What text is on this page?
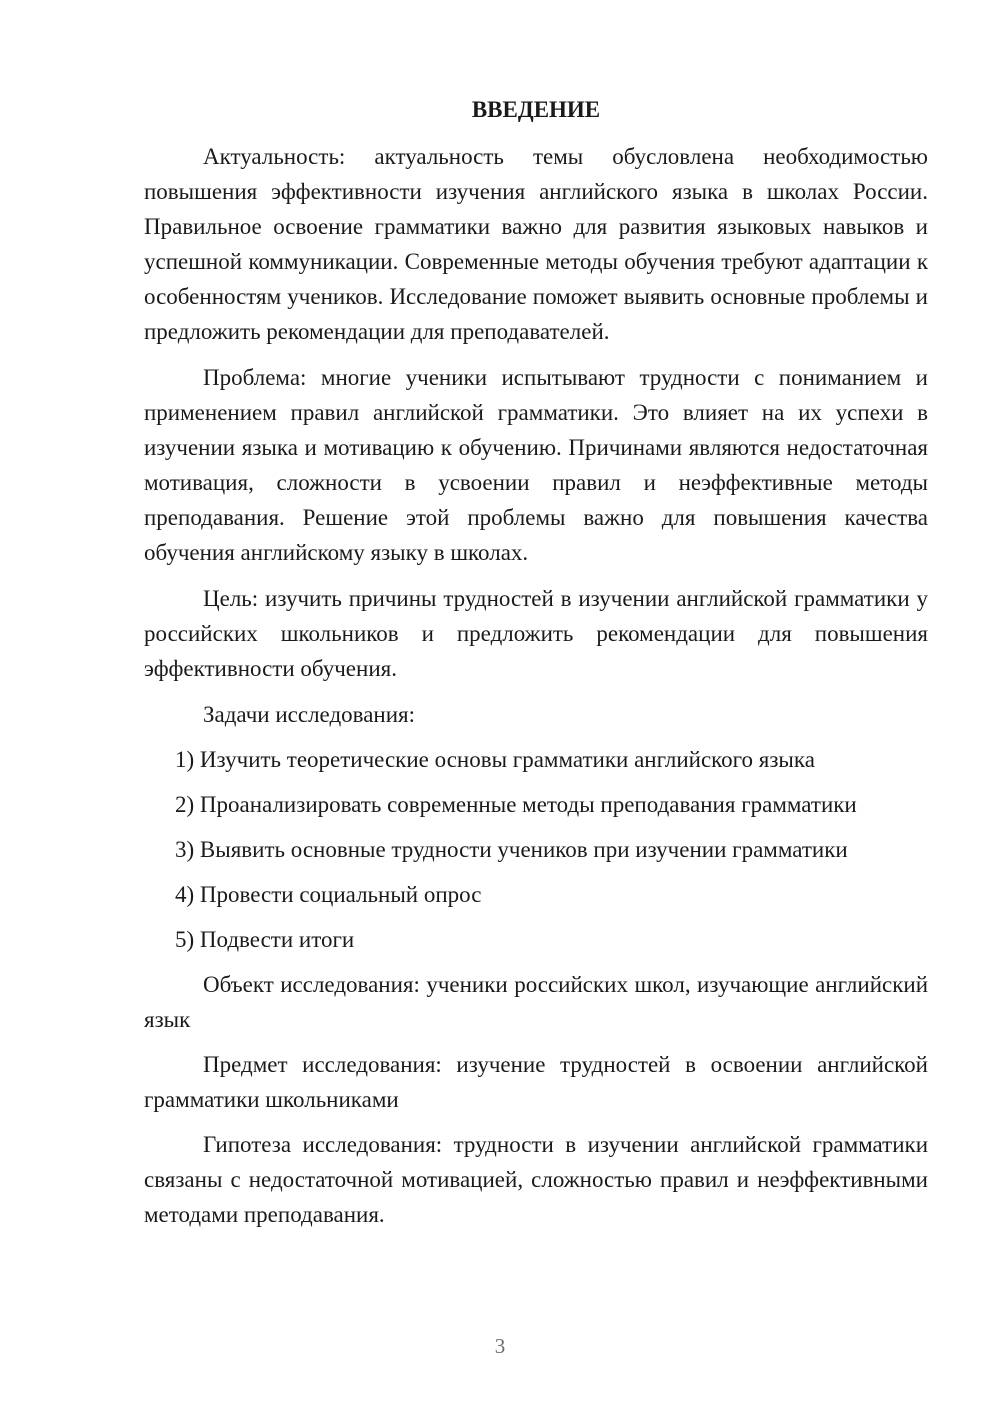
ВВЕДЕНИЕ

Актуальность: актуальность темы обусловлена необходимостью повышения эффективности изучения английского языка в школах России. Правильное освоение грамматики важно для развития языковых навыков и успешной коммуникации. Современные методы обучения требуют адаптации к особенностям учеников. Исследование поможет выявить основные проблемы и предложить рекомендации для преподавателей.

Проблема: многие ученики испытывают трудности с пониманием и применением правил английской грамматики. Это влияет на их успехи в изучении языка и мотивацию к обучению. Причинами являются недостаточная мотивация, сложности в усвоении правил и неэффективные методы преподавания. Решение этой проблемы важно для повышения качества обучения английскому языку в школах.

Цель: изучить причины трудностей в изучении английской грамматики у российских школьников и предложить рекомендации для повышения эффективности обучения.

Задачи исследования:

1) Изучить теоретические основы грамматики английского языка
2) Проанализировать современные методы преподавания грамматики
3) Выявить основные трудности учеников при изучении грамматики
4) Провести социальный опрос
5) Подвести итоги

Объект исследования: ученики российских школ, изучающие английский язык

Предмет исследования: изучение трудностей в освоении английской грамматики школьниками

Гипотеза исследования: трудности в изучении английской грамматики связаны с недостаточной мотивацией, сложностью правил и неэффективными методами преподавания.

3
